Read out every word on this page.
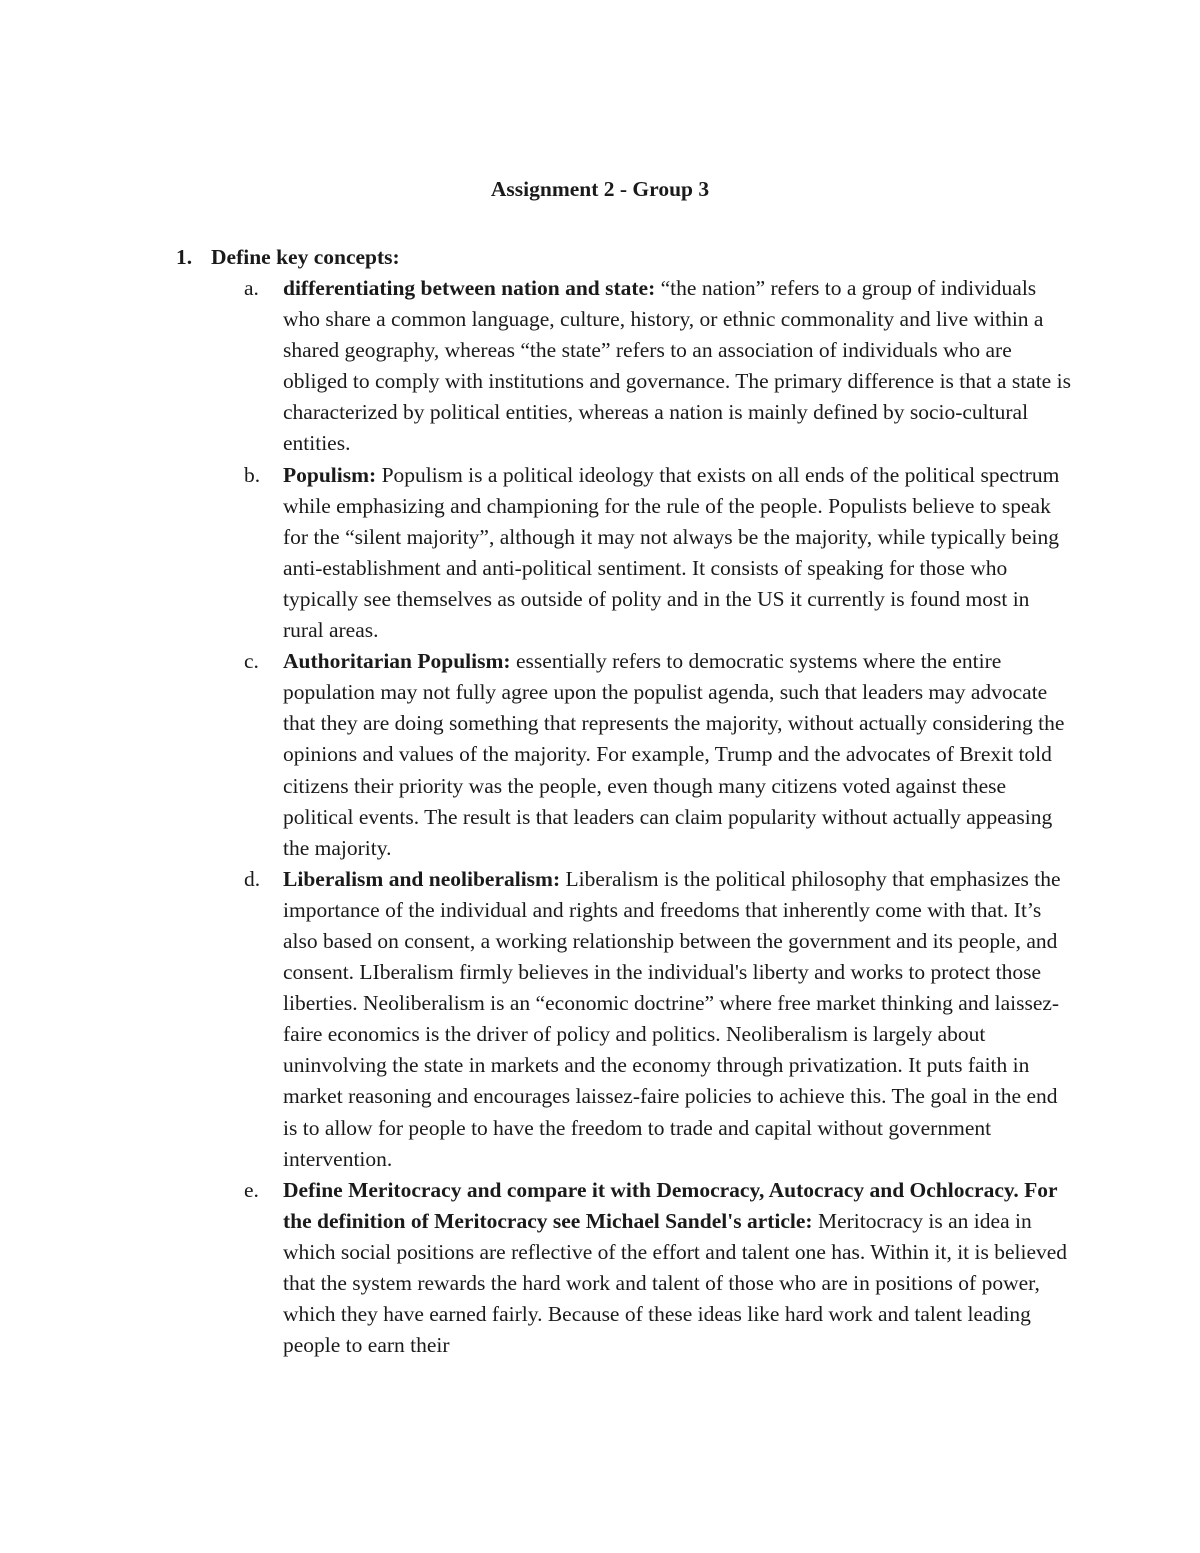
Assignment 2 - Group 3
1. Define key concepts:
a. differentiating between nation and state: “the nation” refers to a group of individuals who share a common language, culture, history, or ethnic commonality and live within a shared geography, whereas “the state” refers to an association of individuals who are obliged to comply with institutions and governance. The primary difference is that a state is characterized by political entities, whereas a nation is mainly defined by socio-cultural entities.
b. Populism: Populism is a political ideology that exists on all ends of the political spectrum while emphasizing and championing for the rule of the people. Populists believe to speak for the “silent majority”, although it may not always be the majority, while typically being anti-establishment and anti-political sentiment. It consists of speaking for those who typically see themselves as outside of polity and in the US it currently is found most in rural areas.
c. Authoritarian Populism: essentially refers to democratic systems where the entire population may not fully agree upon the populist agenda, such that leaders may advocate that they are doing something that represents the majority, without actually considering the opinions and values of the majority. For example, Trump and the advocates of Brexit told citizens their priority was the people, even though many citizens voted against these political events. The result is that leaders can claim popularity without actually appeasing the majority.
d. Liberalism and neoliberalism: Liberalism is the political philosophy that emphasizes the importance of the individual and rights and freedoms that inherently come with that. It’s also based on consent, a working relationship between the government and its people, and consent. LIberalism firmly believes in the individual's liberty and works to protect those liberties. Neoliberalism is an “economic doctrine” where free market thinking and laissez-faire economics is the driver of policy and politics. Neoliberalism is largely about uninvolving the state in markets and the economy through privatization. It puts faith in market reasoning and encourages laissez-faire policies to achieve this. The goal in the end is to allow for people to have the freedom to trade and capital without government intervention.
e. Define Meritocracy and compare it with Democracy, Autocracy and Ochlocracy. For the definition of Meritocracy see Michael Sandel's article: Meritocracy is an idea in which social positions are reflective of the effort and talent one has. Within it, it is believed that the system rewards the hard work and talent of those who are in positions of power, which they have earned fairly. Because of these ideas like hard work and talent leading people to earn their
